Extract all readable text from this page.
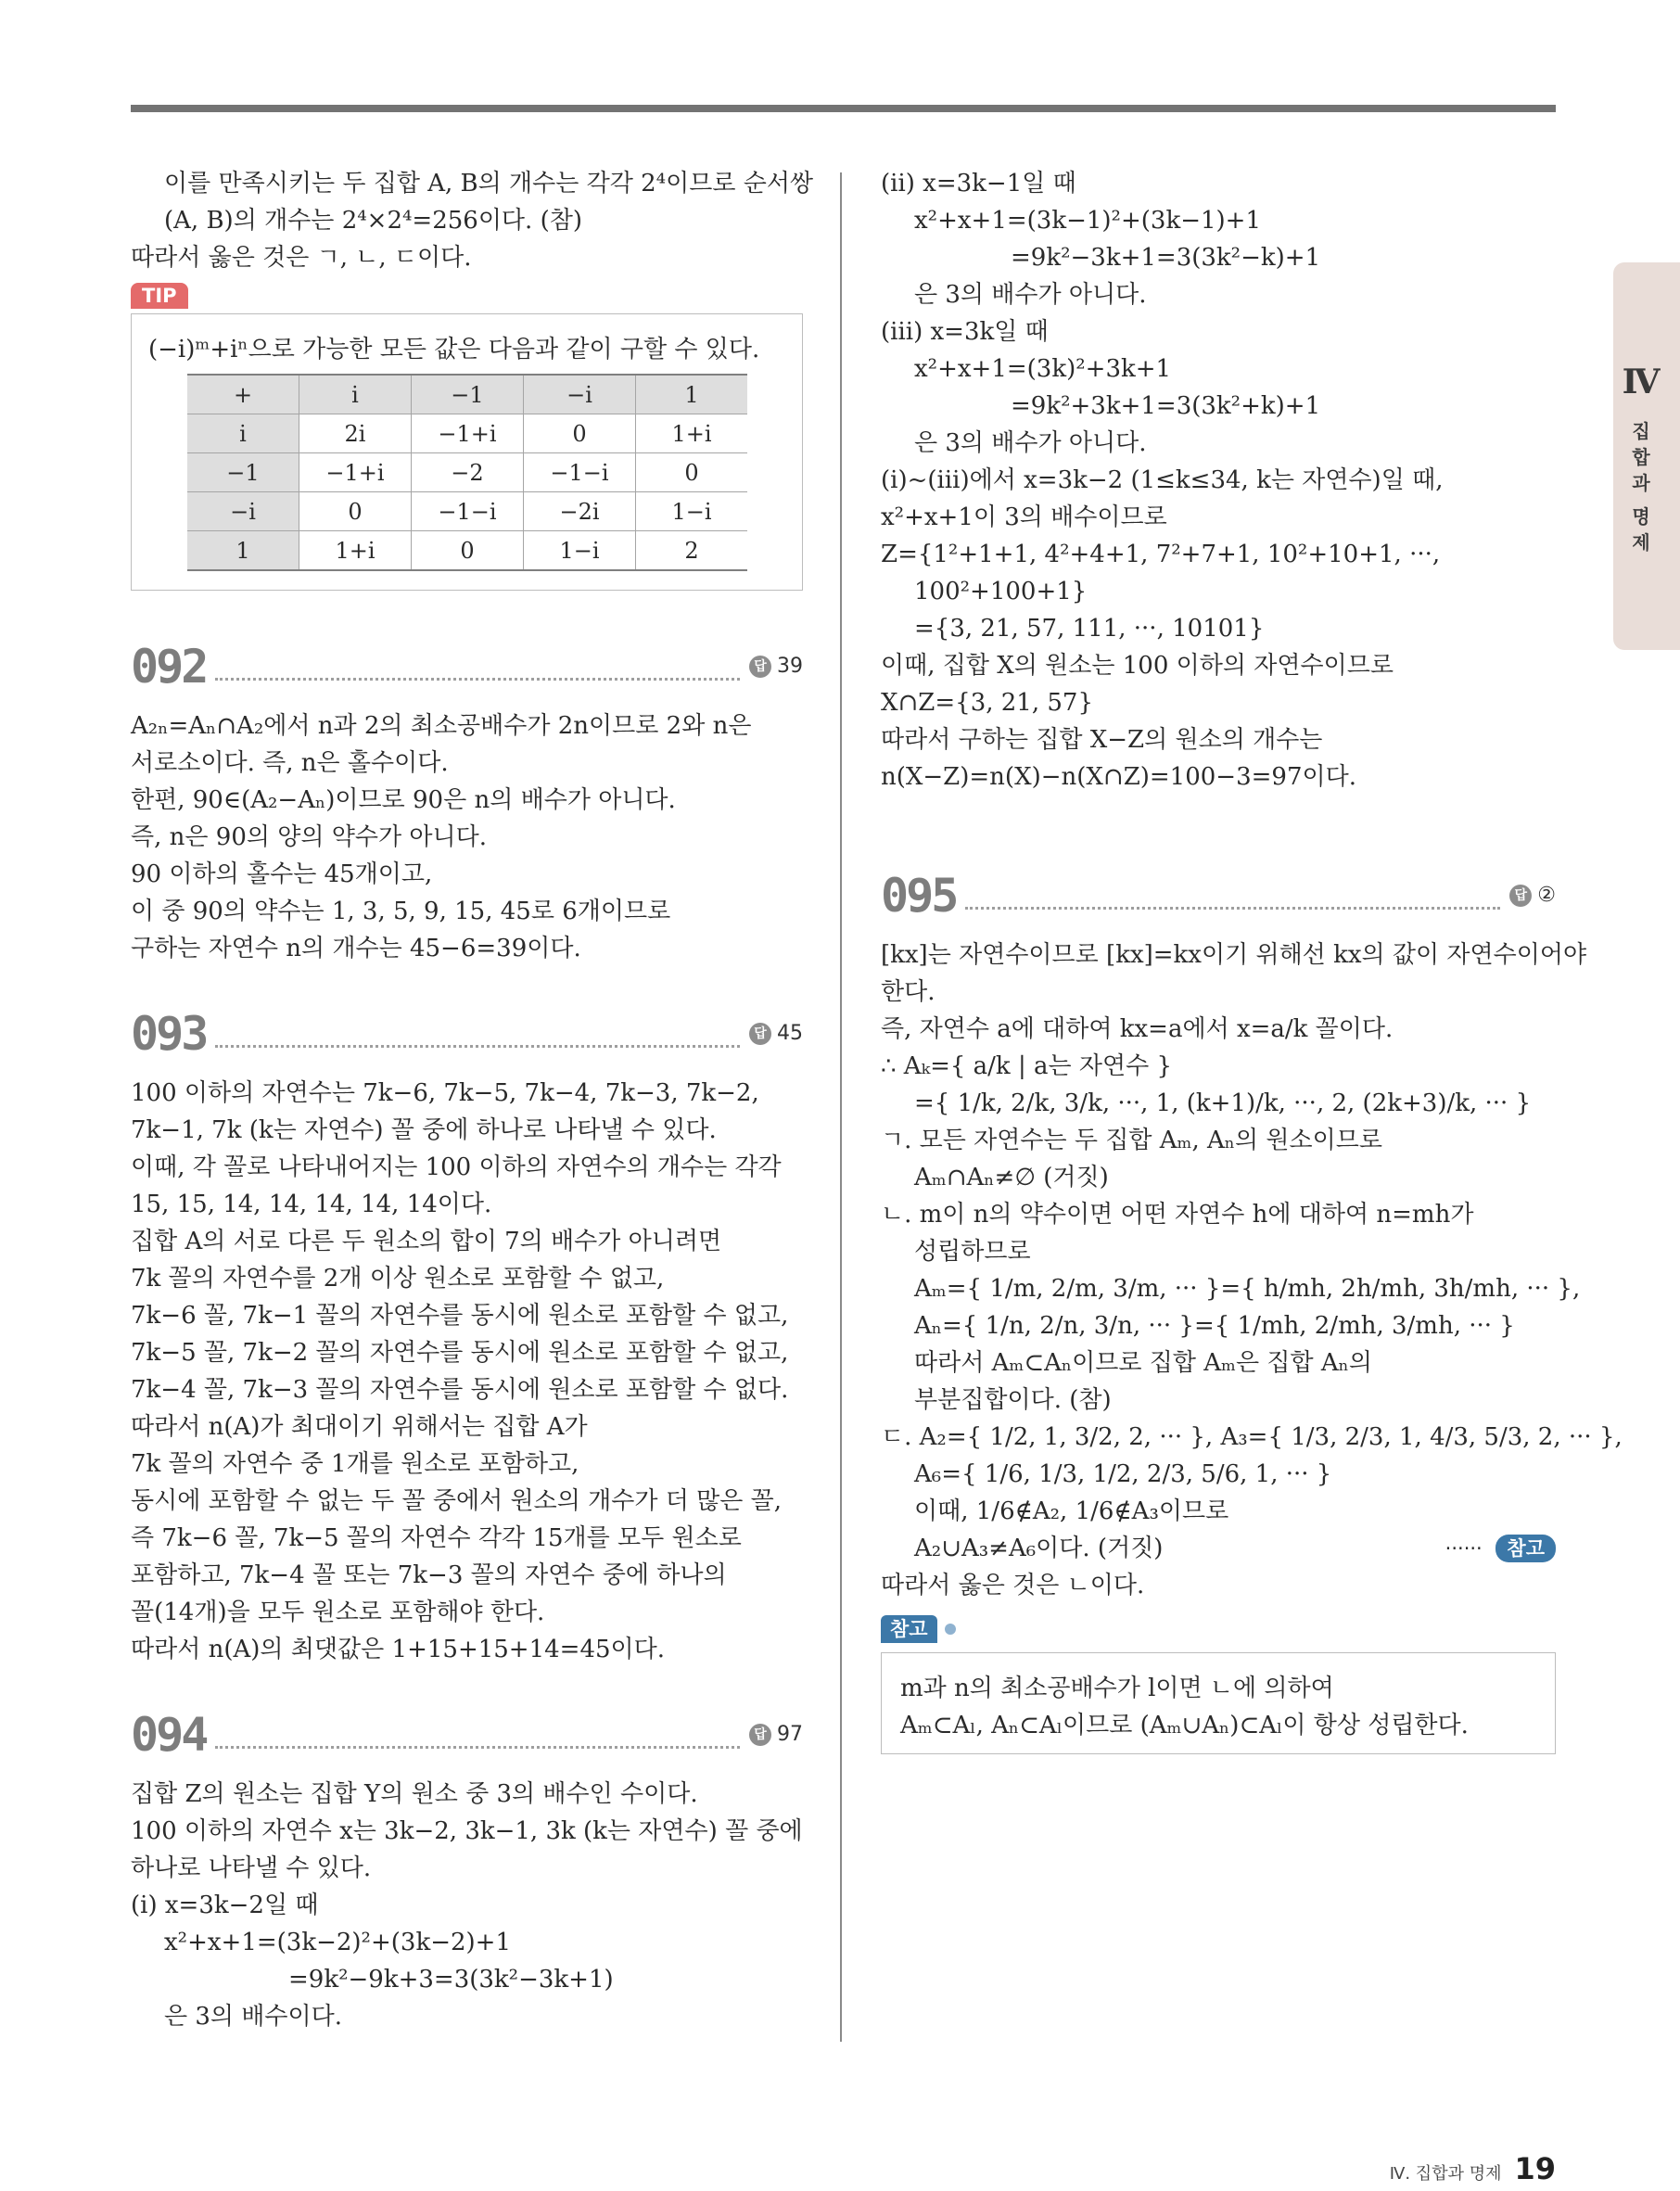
Ⅳ
집
합
과
명
제
이를 만족시키는 두 집합 A, B의 개수는 각각 2⁴이므로 순서쌍
(A, B)의 개수는 2⁴×2⁴=256이다. (참)
따라서 옳은 것은 ㄱ, ㄴ, ㄷ이다.
TIP
(−i)ᵐ+iⁿ으로 가능한 모든 값은 다음과 같이 구할 수 있다.
+	i	−1	−i	1
i	2i	−1+i	0	1+i
−1	−1+i	−2	−1−i	0
−i	0	−1−i	−2i	1−i
1	1+i	0	1−i	2
092	답 39
A₂ₙ=Aₙ∩A₂에서 n과 2의 최소공배수가 2n이므로 2와 n은
서로소이다. 즉, n은 홀수이다.
한편, 90∈(A₂−Aₙ)이므로 90은 n의 배수가 아니다.
즉, n은 90의 양의 약수가 아니다.
90 이하의 홀수는 45개이고,
이 중 90의 약수는 1, 3, 5, 9, 15, 45로 6개이므로
구하는 자연수 n의 개수는 45−6=39이다.
093	답 45
100 이하의 자연수는 7k−6, 7k−5, 7k−4, 7k−3, 7k−2,
7k−1, 7k (k는 자연수) 꼴 중에 하나로 나타낼 수 있다.
이때, 각 꼴로 나타내어지는 100 이하의 자연수의 개수는 각각
15, 15, 14, 14, 14, 14, 14이다.
집합 A의 서로 다른 두 원소의 합이 7의 배수가 아니려면
7k 꼴의 자연수를 2개 이상 원소로 포함할 수 없고,
7k−6 꼴, 7k−1 꼴의 자연수를 동시에 원소로 포함할 수 없고,
7k−5 꼴, 7k−2 꼴의 자연수를 동시에 원소로 포함할 수 없고,
7k−4 꼴, 7k−3 꼴의 자연수를 동시에 원소로 포함할 수 없다.
따라서 n(A)가 최대이기 위해서는 집합 A가
7k 꼴의 자연수 중 1개를 원소로 포함하고,
동시에 포함할 수 없는 두 꼴 중에서 원소의 개수가 더 많은 꼴,
즉 7k−6 꼴, 7k−5 꼴의 자연수 각각 15개를 모두 원소로
포함하고, 7k−4 꼴 또는 7k−3 꼴의 자연수 중에 하나의
꼴(14개)을 모두 원소로 포함해야 한다.
따라서 n(A)의 최댓값은 1+15+15+14=45이다.
094	답 97
집합 Z의 원소는 집합 Y의 원소 중 3의 배수인 수이다.
100 이하의 자연수 x는 3k−2, 3k−1, 3k (k는 자연수) 꼴 중에
하나로 나타낼 수 있다.
(ⅰ) x=3k−2일 때
x²+x+1=(3k−2)²+(3k−2)+1
=9k²−9k+3=3(3k²−3k+1)
은 3의 배수이다.
(ⅱ) x=3k−1일 때
x²+x+1=(3k−1)²+(3k−1)+1
=9k²−3k+1=3(3k²−k)+1
은 3의 배수가 아니다.
(ⅲ) x=3k일 때
x²+x+1=(3k)²+3k+1
=9k²+3k+1=3(3k²+k)+1
은 3의 배수가 아니다.
(ⅰ)~(ⅲ)에서 x=3k−2 (1≤k≤34, k는 자연수)일 때,
x²+x+1이 3의 배수이므로
Z={1²+1+1, 4²+4+1, 7²+7+1, 10²+10+1, ···,
100²+100+1}
={3, 21, 57, 111, ···, 10101}
이때, 집합 X의 원소는 100 이하의 자연수이므로
X∩Z={3, 21, 57}
따라서 구하는 집합 X−Z의 원소의 개수는
n(X−Z)=n(X)−n(X∩Z)=100−3=97이다.
095	답 ②
[kx]는 자연수이므로 [kx]=kx이기 위해선 kx의 값이 자연수이어야
한다.
즉, 자연수 a에 대하여 kx=a에서 x=a/k 꼴이다.
∴ Aₖ={ a/k | a는 자연수 }
={ 1/k, 2/k, 3/k, ···, 1, (k+1)/k, ···, 2, (2k+3)/k, ··· }
ㄱ. 모든 자연수는 두 집합 Aₘ, Aₙ의 원소이므로
Aₘ∩Aₙ≠∅ (거짓)
ㄴ. m이 n의 약수이면 어떤 자연수 h에 대하여 n=mh가
성립하므로
Aₘ={ 1/m, 2/m, 3/m, ··· }={ h/mh, 2h/mh, 3h/mh, ··· },
Aₙ={ 1/n, 2/n, 3/n, ··· }={ 1/mh, 2/mh, 3/mh, ··· }
따라서 Aₘ⊂Aₙ이므로 집합 Aₘ은 집합 Aₙ의
부분집합이다. (참)
ㄷ. A₂={ 1/2, 1, 3/2, 2, ··· }, A₃={ 1/3, 2/3, 1, 4/3, 5/3, 2, ··· },
A₆={ 1/6, 1/3, 1/2, 2/3, 5/6, 1, ··· }
이때, 1/6∉A₂, 1/6∉A₃이므로
A₂∪A₃≠A₆이다. (거짓)	······ 참고
따라서 옳은 것은 ㄴ이다.
참고
m과 n의 최소공배수가 l이면 ㄴ에 의하여
Aₘ⊂Aₗ, Aₙ⊂Aₗ이므로 (Aₘ∪Aₙ)⊂Aₗ이 항상 성립한다.
Ⅳ. 집합과 명제 19
